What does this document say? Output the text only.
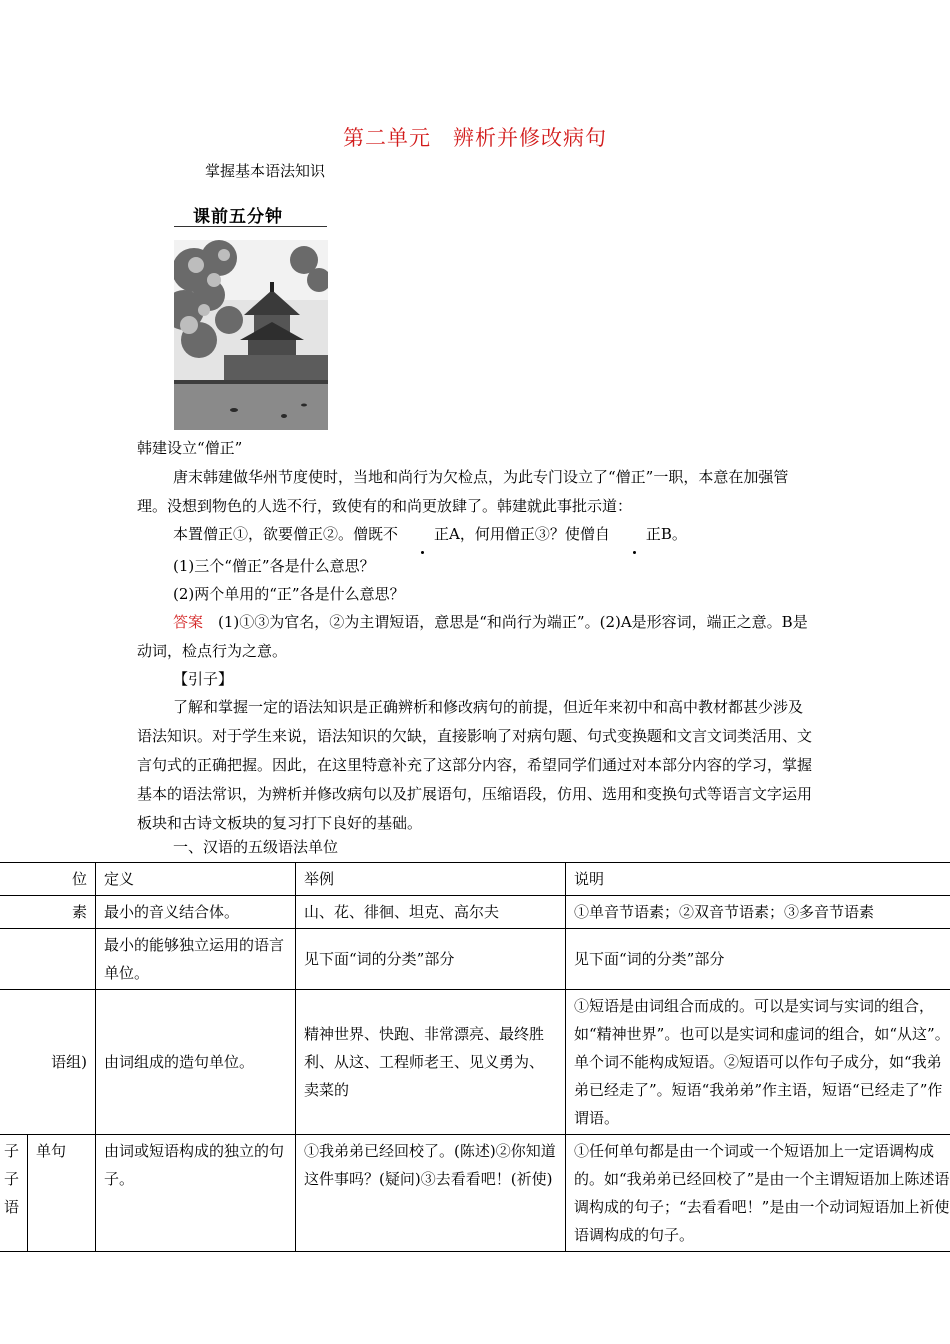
第二单元　辨析并修改病句
掌握基本语法知识
课前五分钟
韩建设立“僧正”
唐末韩建做华州节度使时，当地和尚行为欠检点，为此专门设立了“僧正”一职，本意在加强管理。没想到物色的人选不行，致使有的和尚更放肆了。韩建就此事批示道：
本置僧正①，欲要僧正②。僧既不 正A，何用僧正③？使僧自 正B。
(1)三个“僧正”各是什么意思？
(2)两个单用的“正”各是什么意思？
答案　(1)①③为官名，②为主谓短语，意思是“和尚行为端正”。(2)A是形容词，端正之意。B是动词，检点行为之意。
【引子】
了解和掌握一定的语法知识是正确辨析和修改病句的前提，但近年来初中和高中教材都甚少涉及语法知识。对于学生来说，语法知识的欠缺，直接影响了对病句题、句式变换题和文言文词类活用、文言句式的正确把握。因此，在这里特意补充了这部分内容，希望同学们通过对本部分内容的学习，掌握基本的语法常识，为辨析并修改病句以及扩展语句，压缩语段，仿用、选用和变换句式等语言文字运用板块和古诗文板块的复习打下良好的基础。
一、汉语的五级语法单位
位		定义	举例	说明
素		最小的音义结合体。	山、花、徘徊、坦克、高尔夫	①单音节语素；②双音节语素；③多音节语素
		最小的能够独立运用的语言单位。	见下面“词的分类”部分	见下面“词的分类”部分
语组)		由词组成的造句单位。	精神世界、快跑、非常漂亮、最终胜利、从这、工程师老王、见义勇为、卖菜的	①短语是由词组合而成的。可以是实词与实词的组合，如“精神世界”。也可以是实词和虚词的组合，如“从这”。单个词不能构成短语。②短语可以作句子成分，如“我弟弟已经走了”。短语“我弟弟”作主语，短语“已经走了”作谓语。
子子语	单句	由词或短语构成的独立的句子。	①我弟弟已经回校了。(陈述)②你知道这件事吗？(疑问)③去看看吧！(祈使)	①任何单句都是由一个词或一个短语加上一定语调构成的。如“我弟弟已经回校了”是由一个主谓短语加上陈述语调构成的句子；“去看看吧！”是由一个动词短语加上祈使语调构成的句子。
